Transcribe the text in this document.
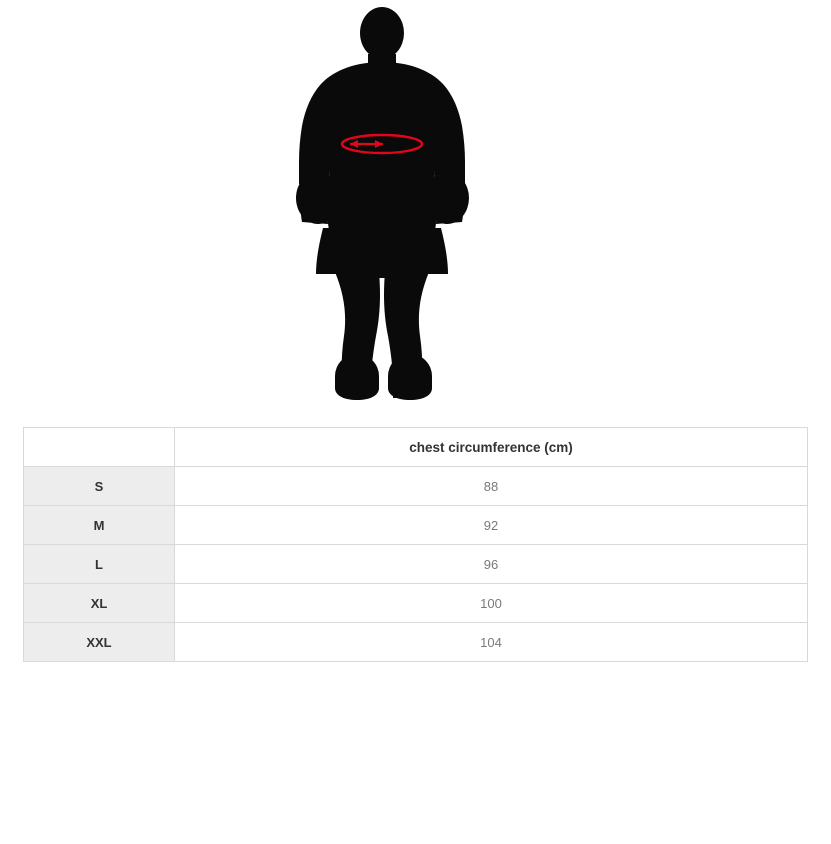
	chest circumference (cm)
S	88
M	92
L	96
XL	100
XXL	104
